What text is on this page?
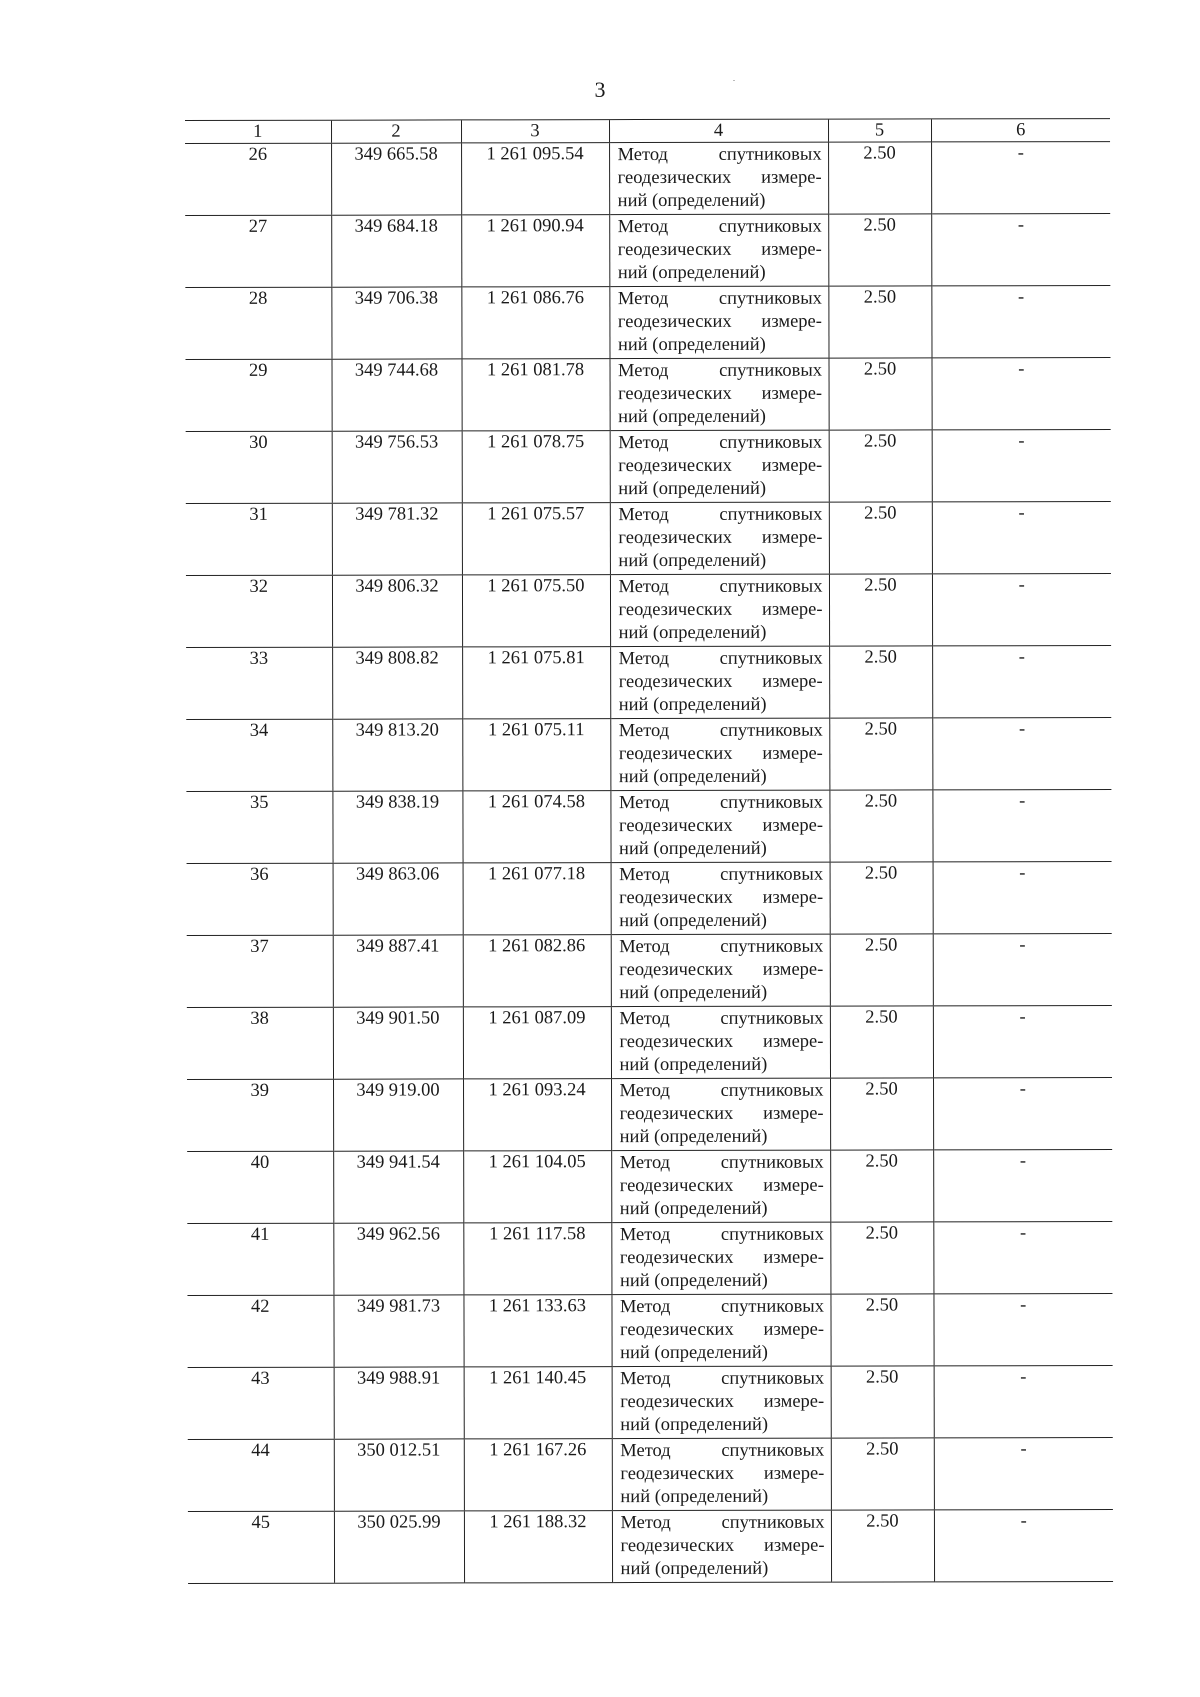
3
1	2	3	4	5	6
26	349 665.58	1 261 095.54	Метод спутниковых
геодезических измере-
ний (определений)	2.50	-
27	349 684.18	1 261 090.94	Метод спутниковых
геодезических измере-
ний (определений)	2.50	-
28	349 706.38	1 261 086.76	Метод спутниковых
геодезических измере-
ний (определений)	2.50	-
29	349 744.68	1 261 081.78	Метод спутниковых
геодезических измере-
ний (определений)	2.50	-
30	349 756.53	1 261 078.75	Метод спутниковых
геодезических измере-
ний (определений)	2.50	-
31	349 781.32	1 261 075.57	Метод спутниковых
геодезических измере-
ний (определений)	2.50	-
32	349 806.32	1 261 075.50	Метод спутниковых
геодезических измере-
ний (определений)	2.50	-
33	349 808.82	1 261 075.81	Метод спутниковых
геодезических измере-
ний (определений)	2.50	-
34	349 813.20	1 261 075.11	Метод спутниковых
геодезических измере-
ний (определений)	2.50	-
35	349 838.19	1 261 074.58	Метод спутниковых
геодезических измере-
ний (определений)	2.50	-
36	349 863.06	1 261 077.18	Метод спутниковых
геодезических измере-
ний (определений)	2.50	-
37	349 887.41	1 261 082.86	Метод спутниковых
геодезических измере-
ний (определений)	2.50	-
38	349 901.50	1 261 087.09	Метод спутниковых
геодезических измере-
ний (определений)	2.50	-
39	349 919.00	1 261 093.24	Метод спутниковых
геодезических измере-
ний (определений)	2.50	-
40	349 941.54	1 261 104.05	Метод спутниковых
геодезических измере-
ний (определений)	2.50	-
41	349 962.56	1 261 117.58	Метод спутниковых
геодезических измере-
ний (определений)	2.50	-
42	349 981.73	1 261 133.63	Метод спутниковых
геодезических измере-
ний (определений)	2.50	-
43	349 988.91	1 261 140.45	Метод спутниковых
геодезических измере-
ний (определений)	2.50	-
44	350 012.51	1 261 167.26	Метод спутниковых
геодезических измере-
ний (определений)	2.50	-
45	350 025.99	1 261 188.32	Метод спутниковых
геодезических измере-
ний (определений)	2.50	-
